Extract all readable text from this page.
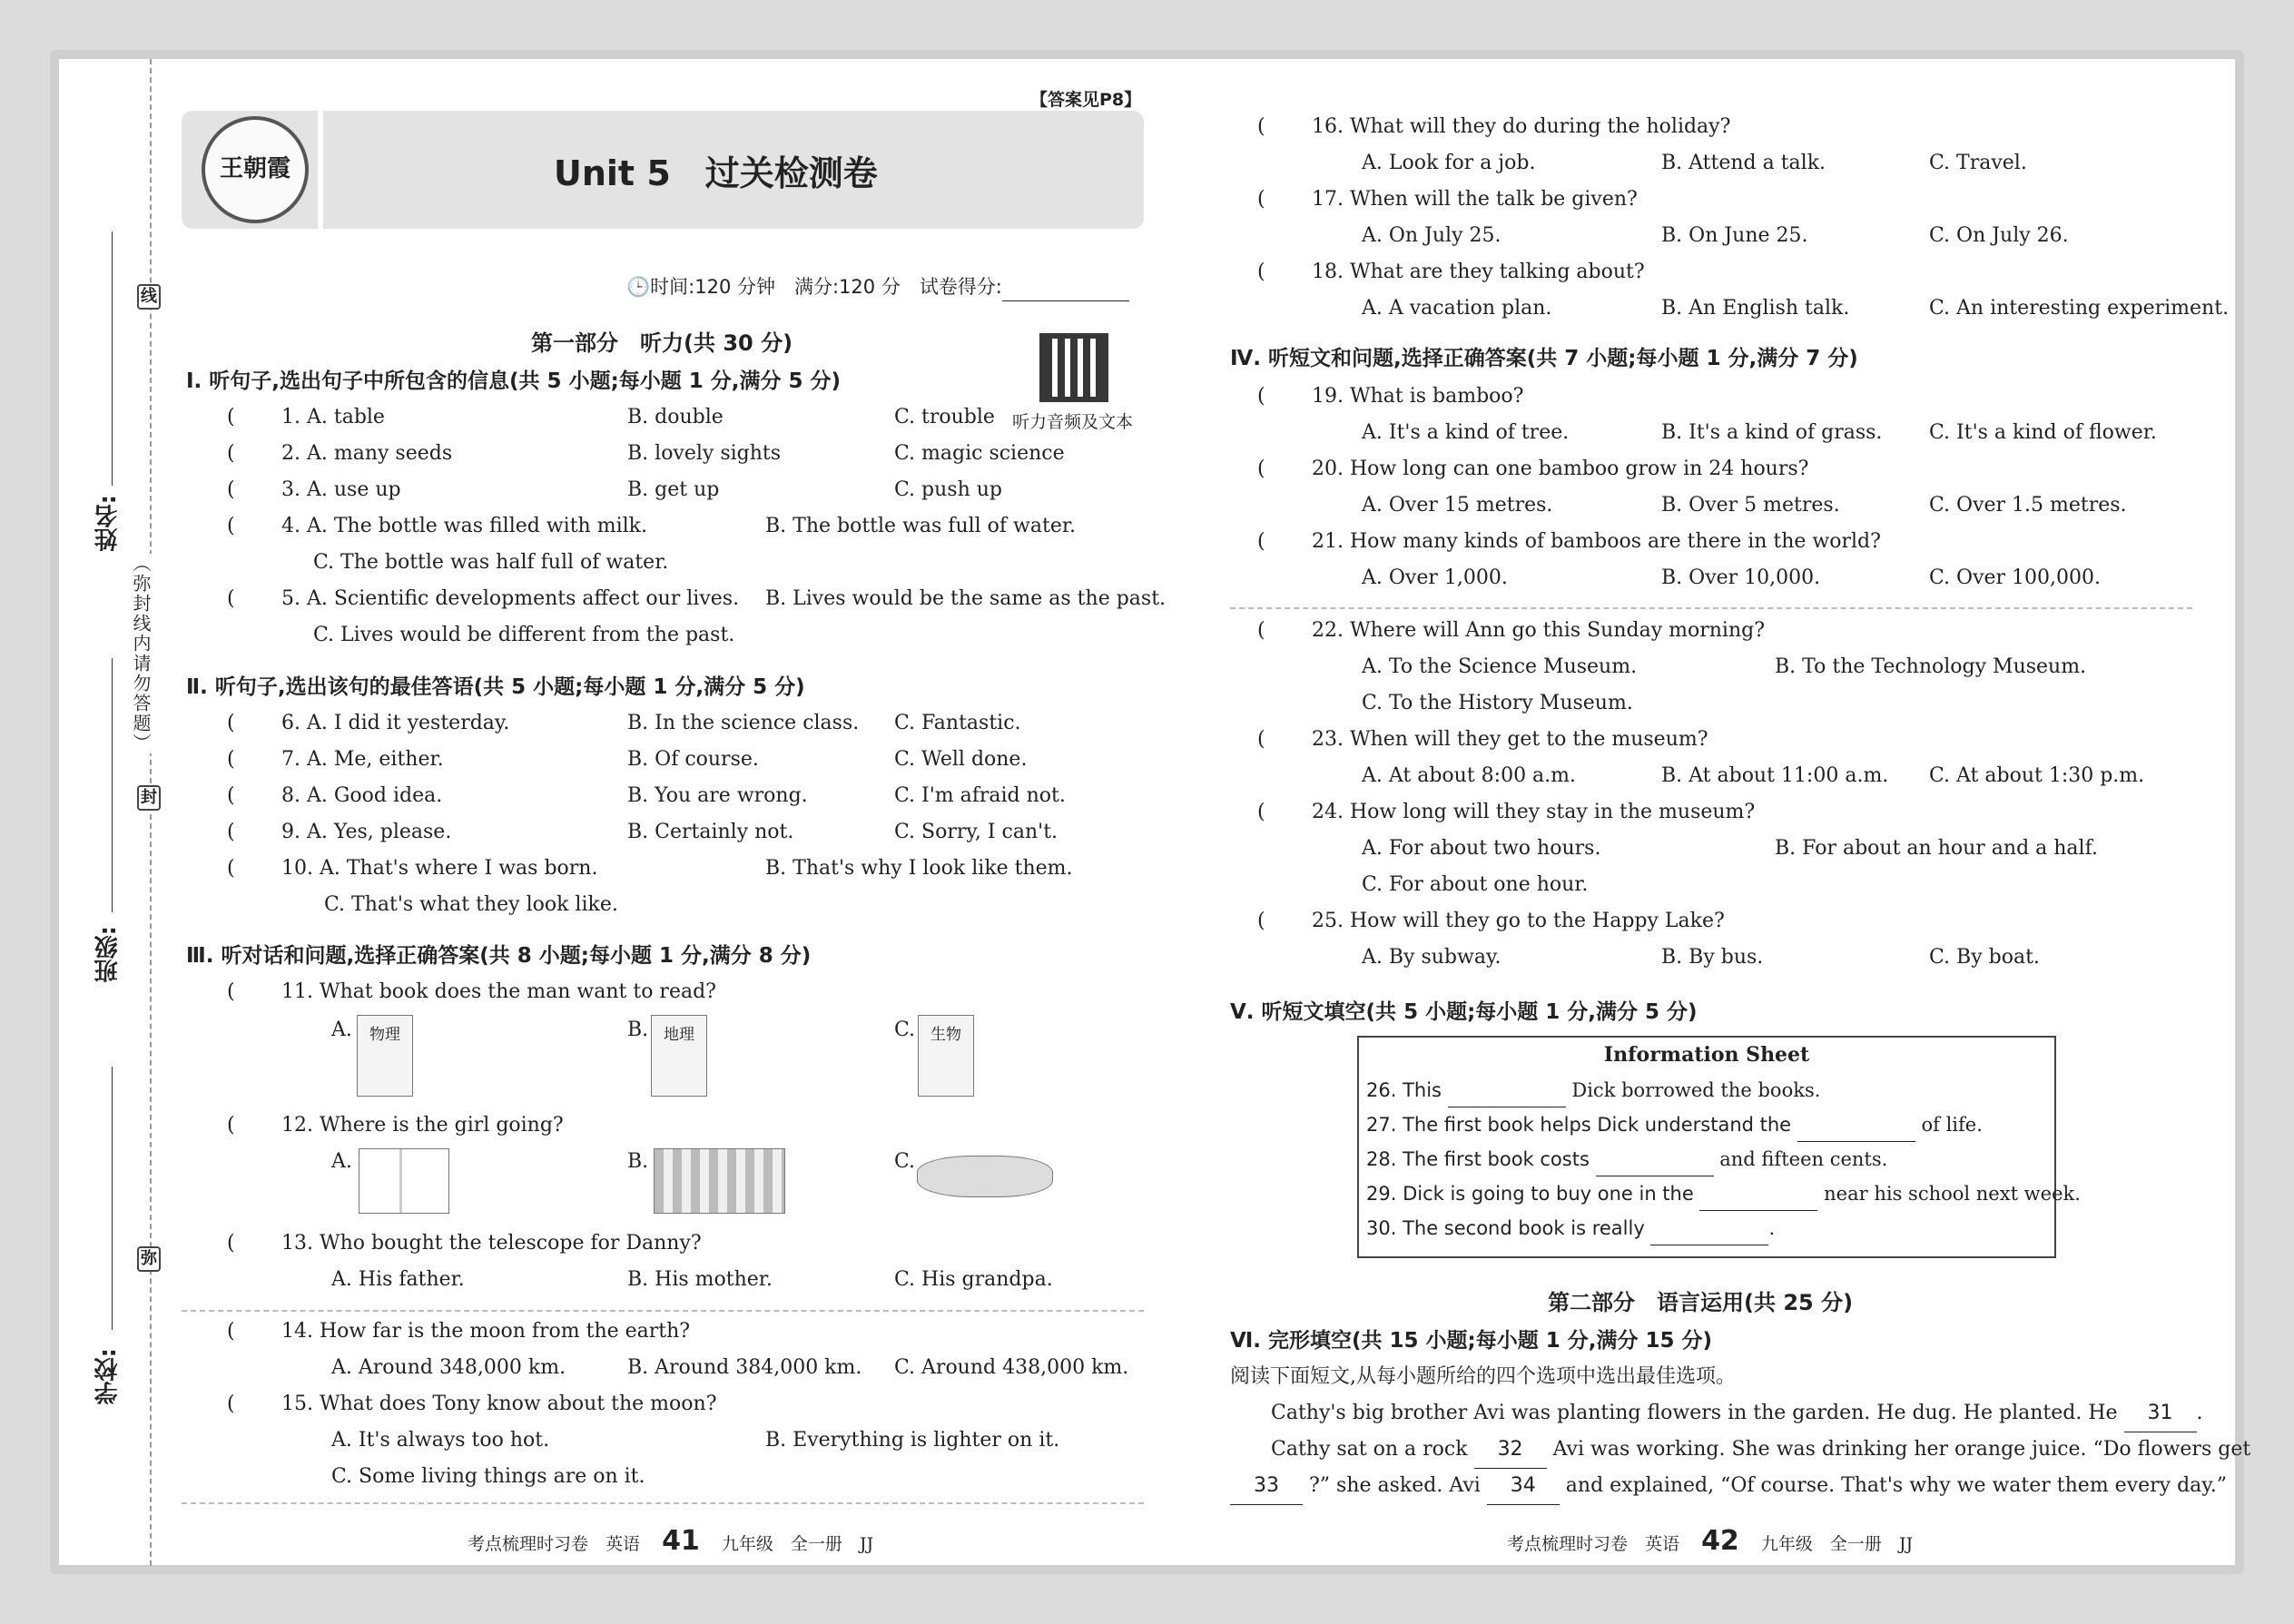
姓名:
班级:
学校:
线
封
弥
（弥封线内请勿答题）
【答案见P8】
王朝霞	Unit 5　过关检测卷
🕒时间:120 分钟　满分:120 分　试卷得分:
听力音频及文本
第一部分　听力(共 30 分)
Ⅰ. 听句子,选出句子中所包含的信息(共 5 小题;每小题 1 分,满分 5 分)
( 1. A. table	B. double	C. trouble
( 2. A. many seeds	B. lovely sights	C. magic science
( 3. A. use up	B. get up	C. push up
( 4. A. The bottle was filled with milk.	B. The bottle was full of water.
C. The bottle was half full of water.
( 5. A. Scientific developments affect our lives. B. Lives would be the same as the past.
C. Lives would be different from the past.
Ⅱ. 听句子,选出该句的最佳答语(共 5 小题;每小题 1 分,满分 5 分)
( 6. A. I did it yesterday.	B. In the science class. C. Fantastic.
( 7. A. Me, either.	B. Of course.	C. Well done.
( 8. A. Good idea.	B. You are wrong.	C. I'm afraid not.
( 9. A. Yes, please.	B. Certainly not.	C. Sorry, I can't.
( 10. A. That's where I was born.	B. That's why I look like them.
C. That's what they look like.
Ⅲ. 听对话和问题,选择正确答案(共 8 小题;每小题 1 分,满分 8 分)
( 11. What book does the man want to read?
A.	物理	B. 地理	C. 生物
( 12. Where is the girl going?
A.	B.	C.
( 13. Who bought the telescope for Danny?
A. His father.	B. His mother.	C. His grandpa.
( 14. How far is the moon from the earth?
A. Around 348,000 km.	B. Around 384,000 km. C. Around 438,000 km.
( 15. What does Tony know about the moon?
A. It's always too hot.	B. Everything is lighter on it.
C. Some living things are on it.
考点梳理时习卷　英语 41 九年级　全一册　JJ
( 16. What will they do during the holiday?
A. Look for a job.	B. Attend a talk.	C. Travel.
( 17. When will the talk be given?
A. On July 25.	B. On June 25.	C. On July 26.
( 18. What are they talking about?
A. A vacation plan.	B. An English talk.	C. An interesting experiment.
Ⅳ. 听短文和问题,选择正确答案(共 7 小题;每小题 1 分,满分 7 分)
( 19. What is bamboo?
A. It's a kind of tree.	B. It's a kind of grass. C. It's a kind of flower.
( 20. How long can one bamboo grow in 24 hours?
A. Over 15 metres.	B. Over 5 metres.	C. Over 1.5 metres.
( 21. How many kinds of bamboos are there in the world?
A. Over 1,000.	B. Over 10,000.	C. Over 100,000.
( 22. Where will Ann go this Sunday morning?
A. To the Science Museum.	B. To the Technology Museum.
C. To the History Museum.
( 23. When will they get to the museum?
A. At about 8:00 a.m.	B. At about 11:00 a.m. C. At about 1:30 p.m.
( 24. How long will they stay in the museum?
A. For about two hours.	B. For about an hour and a half.
C. For about one hour.
( 25. How will they go to the Happy Lake?
A. By subway.	B. By bus.	C. By boat.
Ⅴ. 听短文填空(共 5 小题;每小题 1 分,满分 5 分)
Information Sheet
26. This	Dick borrowed the books.
27. The first book helps Dick understand the	of life.
28. The first book costs	and fifteen cents.
29. Dick is going to buy one in the	near his school next week.
30. The second book is really	.
第二部分　语言运用(共 25 分)
Ⅵ. 完形填空(共 15 小题;每小题 1 分,满分 15 分)
阅读下面短文,从每小题所给的四个选项中选出最佳选项。
Cathy's big brother Avi was planting flowers in the garden. He dug. He planted. He 31 .
Cathy sat on a rock 32 Avi was working. She was drinking her orange juice. “Do flowers get
33 ?” she asked. Avi 34 and explained, “Of course. That's why we water them every day.”
考点梳理时习卷　英语 42 九年级　全一册　JJ
